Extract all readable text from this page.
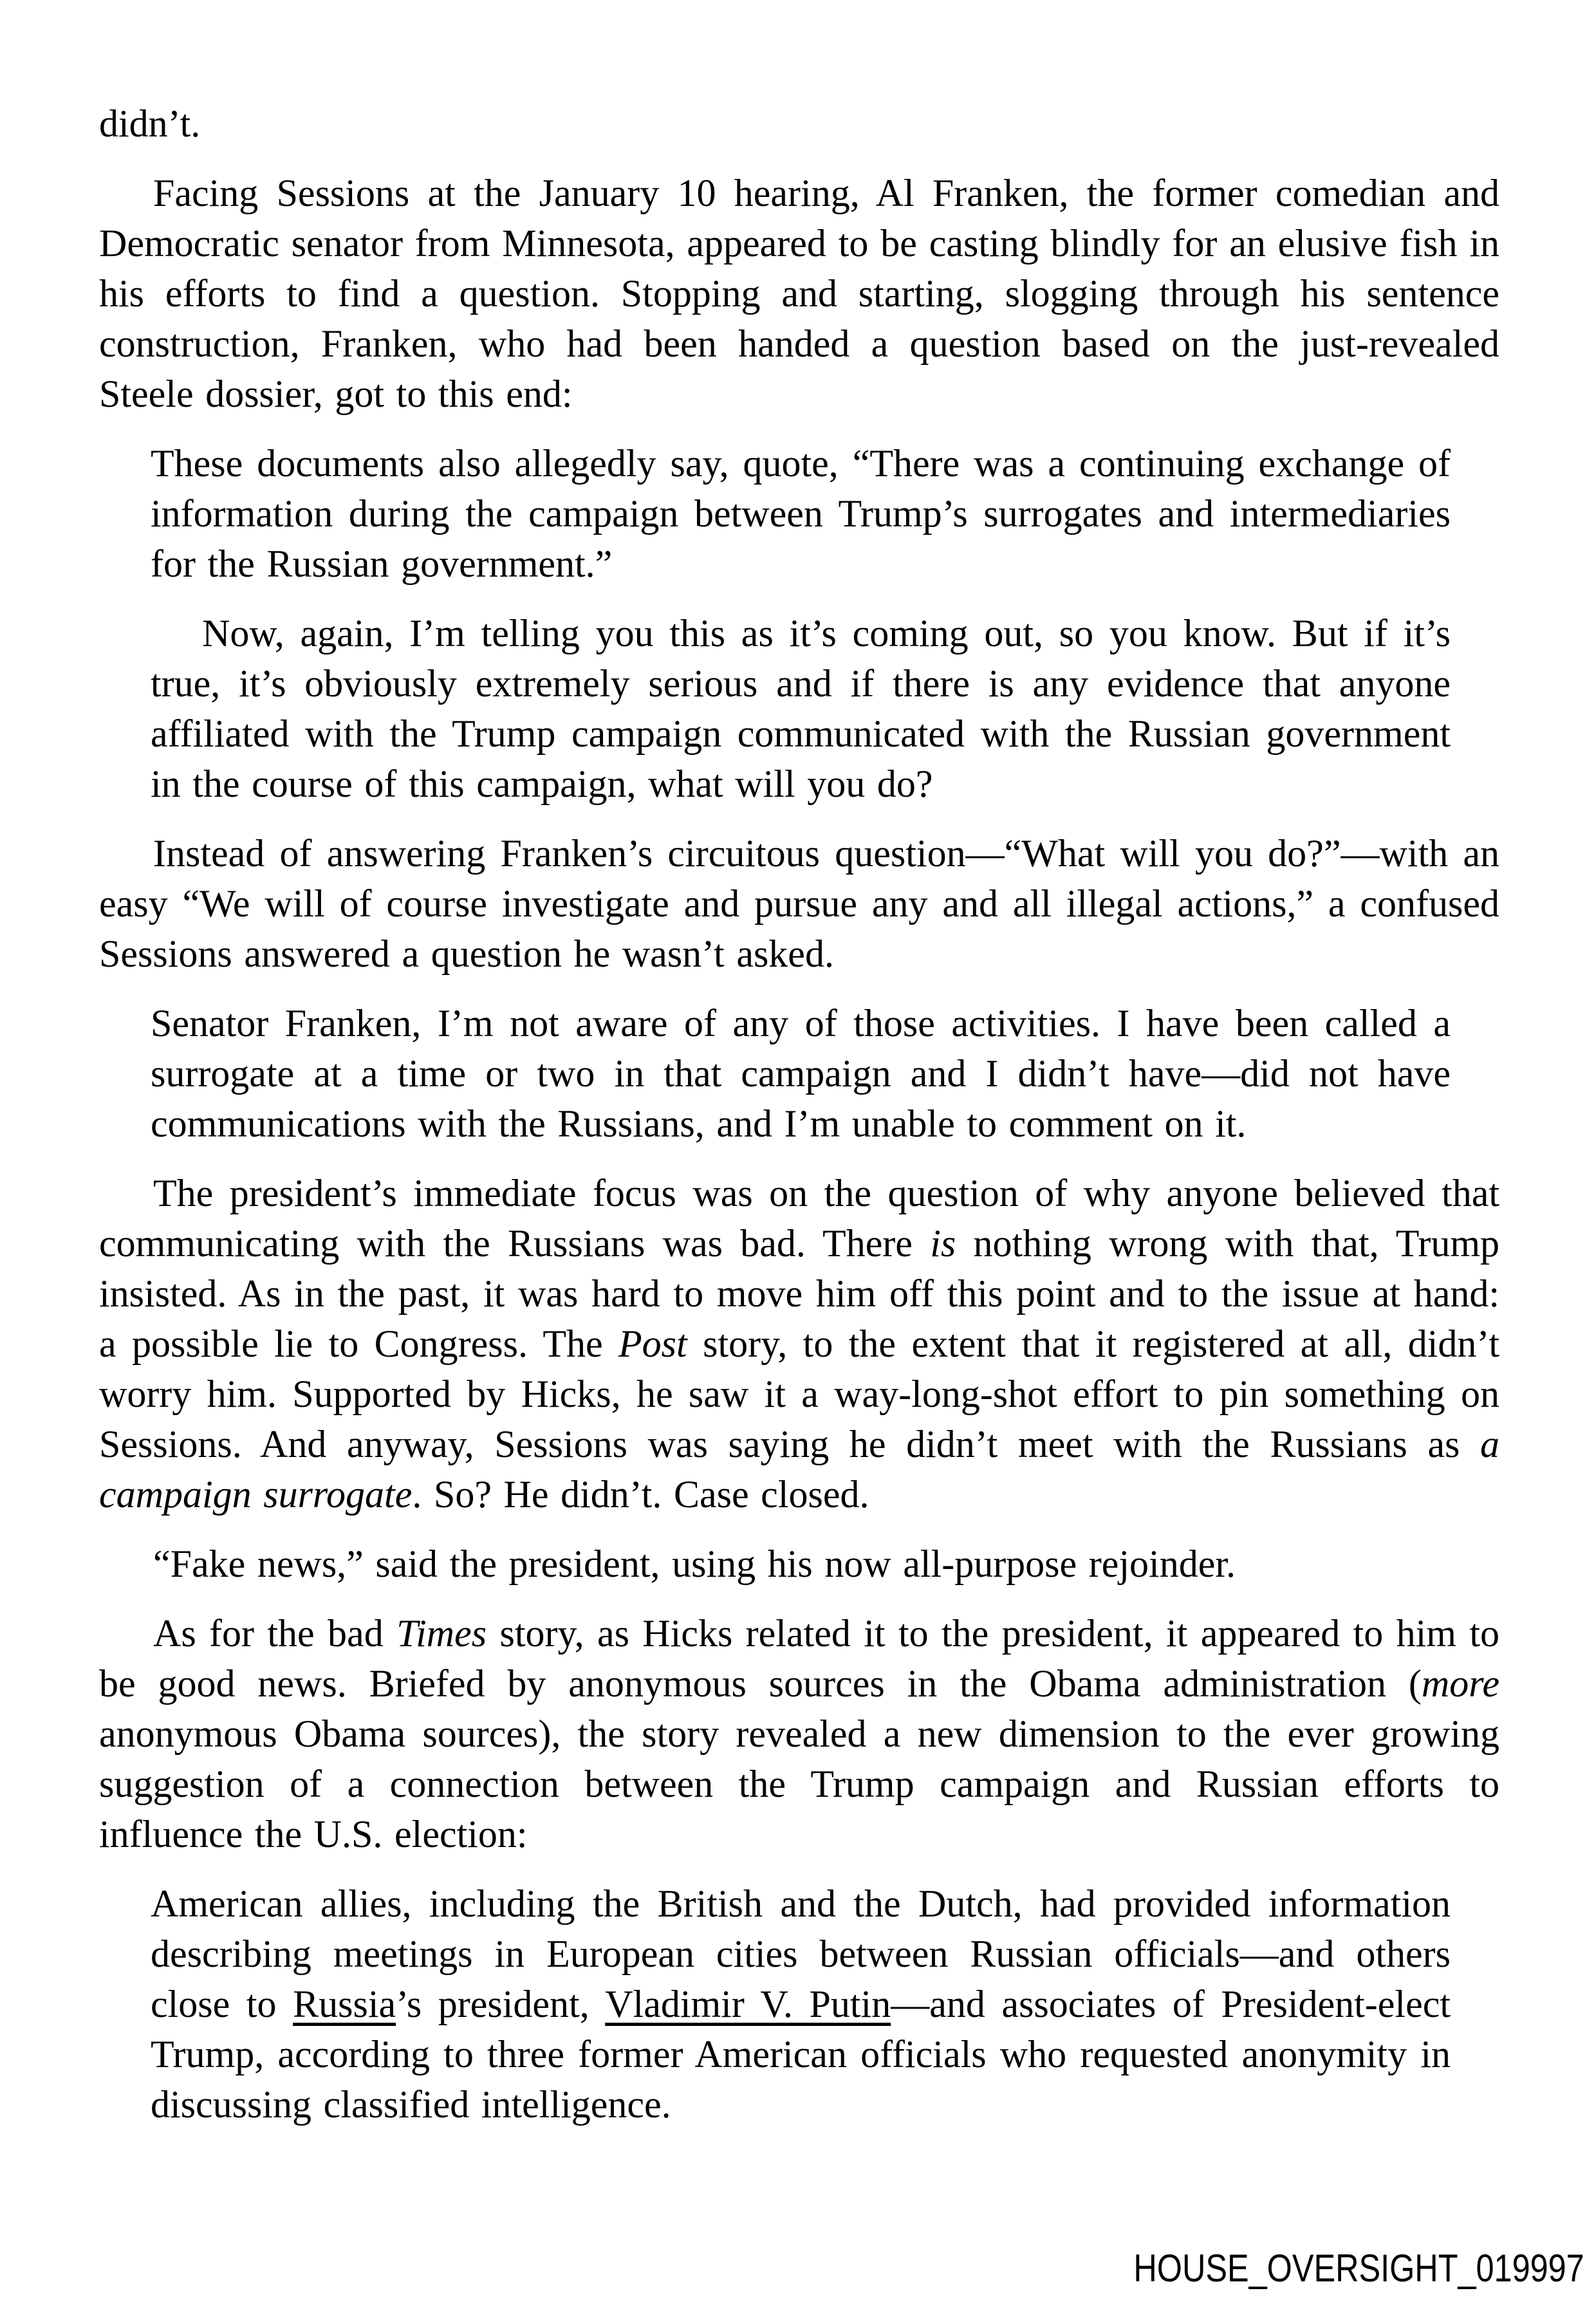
didn’t.

Facing Sessions at the January 10 hearing, Al Franken, the former comedian and Democratic senator from Minnesota, appeared to be casting blindly for an elusive fish in his efforts to find a question. Stopping and starting, slogging through his sentence construction, Franken, who had been handed a question based on the just-revealed Steele dossier, got to this end:

These documents also allegedly say, quote, “There was a continuing exchange of information during the campaign between Trump’s surrogates and intermediaries for the Russian government.”

Now, again, I’m telling you this as it’s coming out, so you know. But if it’s true, it’s obviously extremely serious and if there is any evidence that anyone affiliated with the Trump campaign communicated with the Russian government in the course of this campaign, what will you do?

Instead of answering Franken’s circuitous question—“What will you do?”—with an easy “We will of course investigate and pursue any and all illegal actions,” a confused Sessions answered a question he wasn’t asked.

Senator Franken, I’m not aware of any of those activities. I have been called a surrogate at a time or two in that campaign and I didn’t have—did not have communications with the Russians, and I’m unable to comment on it.

The president’s immediate focus was on the question of why anyone believed that communicating with the Russians was bad. There is nothing wrong with that, Trump insisted. As in the past, it was hard to move him off this point and to the issue at hand: a possible lie to Congress. The Post story, to the extent that it registered at all, didn’t worry him. Supported by Hicks, he saw it a way-long-shot effort to pin something on Sessions. And anyway, Sessions was saying he didn’t meet with the Russians as a campaign surrogate. So? He didn’t. Case closed.

“Fake news,” said the president, using his now all-purpose rejoinder.

As for the bad Times story, as Hicks related it to the president, it appeared to him to be good news. Briefed by anonymous sources in the Obama administration (more anonymous Obama sources), the story revealed a new dimension to the ever growing suggestion of a connection between the Trump campaign and Russian efforts to influence the U.S. election:

American allies, including the British and the Dutch, had provided information describing meetings in European cities between Russian officials—and others close to Russia’s president, Vladimir V. Putin—and associates of President-elect Trump, according to three former American officials who requested anonymity in discussing classified intelligence.

HOUSE_OVERSIGHT_019997
